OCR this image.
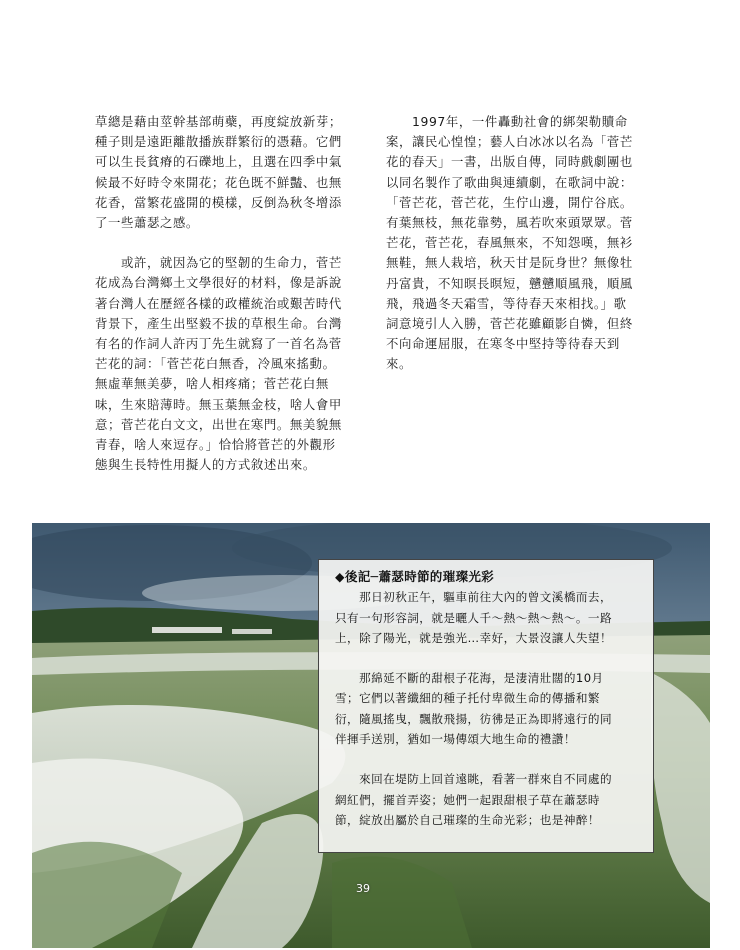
草總是藉由莖幹基部萌蘗，再度綻放新芽；
種子則是遠距離散播族群繁衍的憑藉。它們
可以生長貧瘠的石礫地上，且選在四季中氣
候最不好時令來開花；花色既不鮮豔、也無
花香，當繁花盛開的模樣，反倒為秋冬增添
了一些蕭瑟之感。

　　或許，就因為它的堅韌的生命力，菅芒
花成為台灣鄉土文學很好的材料，像是訴說
著台灣人在歷經各樣的政權統治或艱苦時代
背景下，產生出堅毅不拔的草根生命。台灣
有名的作詞人許丙丁先生就寫了一首名為菅
芒花的詞：「菅芒花白無香，冷風來搖動。
無虛華無美夢，啥人相疼痛；菅芒花白無
味，生來賠薄時。無玉葉無金枝，啥人會甲
意；菅芒花白文文，出世在寒門。無美貌無
青春，啥人來逗存。」恰恰將菅芒的外觀形
態與生長特性用擬人的方式敘述出來。

　　1997年，一件轟動社會的綁架勒贖命
案，讓民心惶惶；藝人白冰冰以名為「菅芒
花的春天」一書，出版自傳，同時戲劇團也
以同名製作了歌曲與連續劇，在歌詞中說：
「菅芒花，菅芒花，生佇山邊，開佇谷底。
有葉無枝，無花靠勢，風若吹來頭眾眾。菅
芒花，菅芒花，春風無來，不知怨嘆，無衫
無鞋，無人栽培，秋天甘是阮身世？無像牡
丹富貴，不知暝長暝短，戇戇順風飛，順風
飛，飛過冬天霜雪，等待春天來相找。」歌
詞意境引人入勝，菅芒花雖顧影自憐，但終
不向命運屈服，在寒冬中堅持等待春天到
來。

◆後記─蕭瑟時節的璀璨光彩

　　那日初秋正午，驅車前往大內的曾文溪橋而去，
只有一句形容詞，就是曬人千～熱～熱～熱～。一路
上，除了陽光，就是強光…幸好，大景沒讓人失望！

　　那綿延不斷的甜根子花海，是淒清壯闊的10月
雪；它們以著纖細的種子托付卑微生命的傳播和繁
衍，隨風搖曳，飄散飛揚，彷彿是正為即將遠行的同
伴揮手送別，猶如一場傳頌大地生命的禮讚！

　　來回在堤防上回首遠眺，看著一群來自不同處的
網紅們，擺首弄姿；她們一起跟甜根子草在蕭瑟時
節，綻放出屬於自己璀璨的生命光彩；也是神醉！

39
